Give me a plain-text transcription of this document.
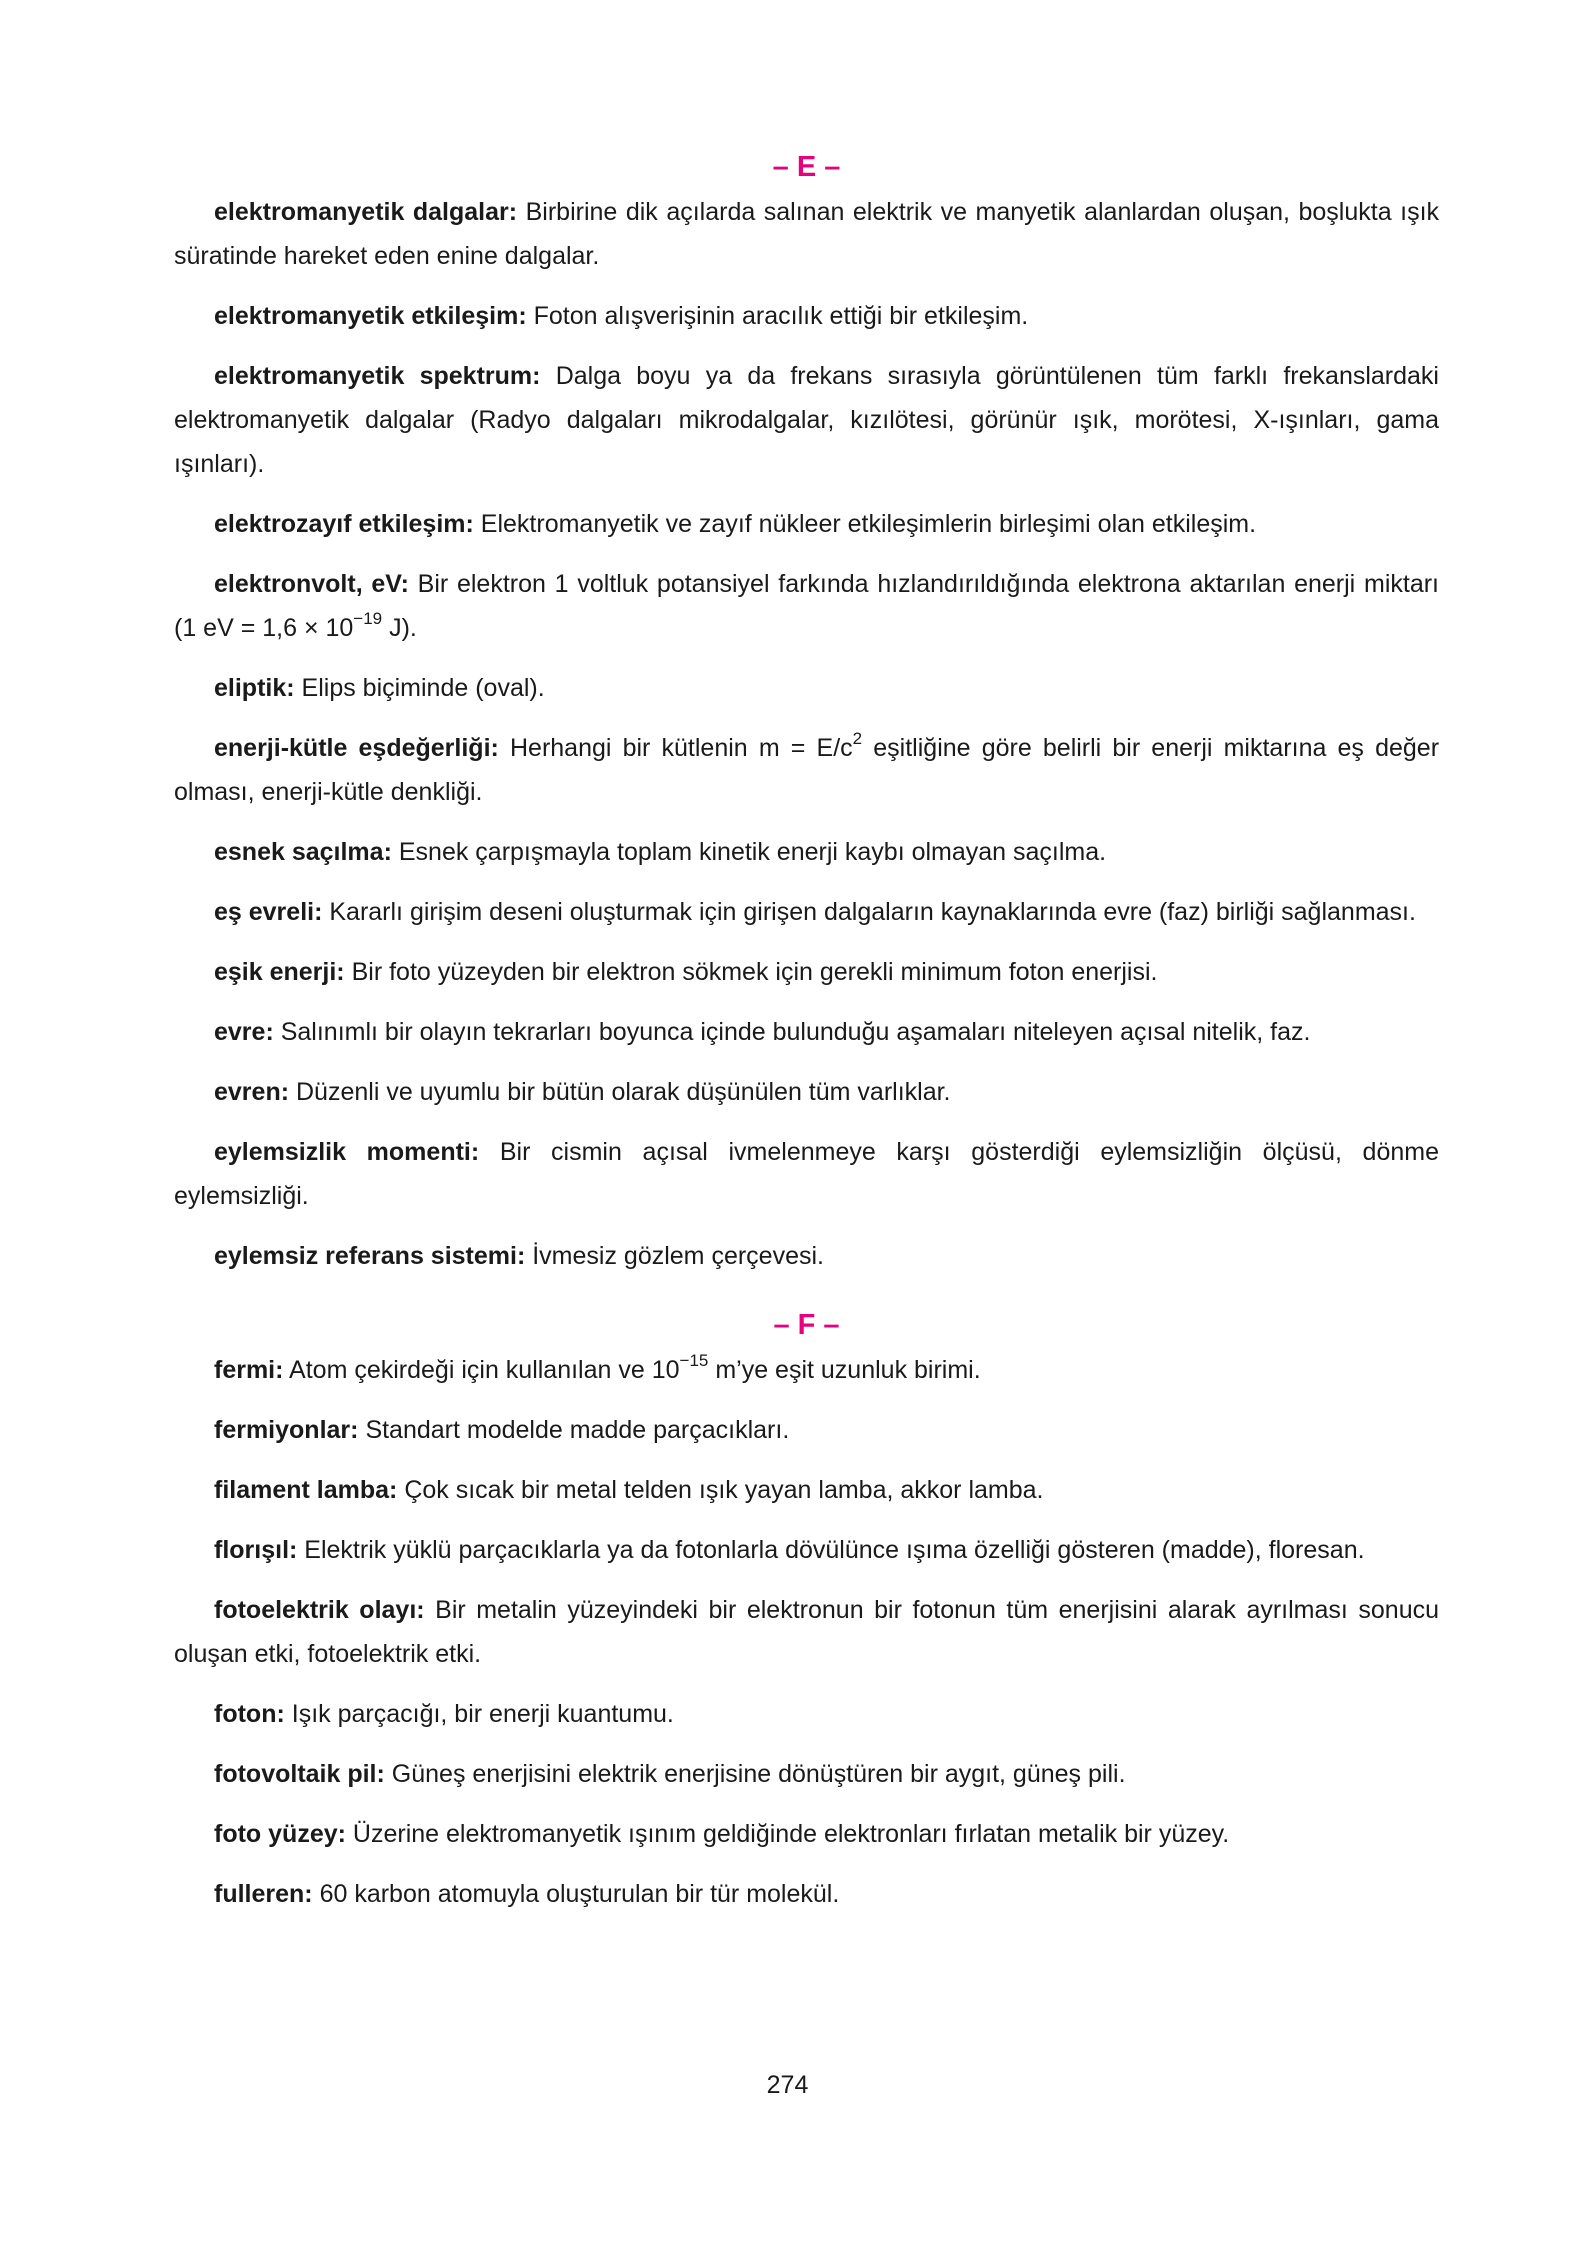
– E –

elektromanyetik dalgalar: Birbirine dik açılarda salınan elektrik ve manyetik alanlardan oluşan, boşlukta ışık süratinde hareket eden enine dalgalar.

elektromanyetik etkileşim: Foton alışverişinin aracılık ettiği bir etkileşim.

elektromanyetik spektrum: Dalga boyu ya da frekans sırasıyla görüntülenen tüm farklı frekanslardaki elektromanyetik dalgalar (Radyo dalgaları mikrodalgalar, kızılötesi, görünür ışık, morötesi, X-ışınları, gama ışınları).

elektrozayıf etkileşim: Elektromanyetik ve zayıf nükleer etkileşimlerin birleşimi olan etkileşim.

elektronvolt, eV: Bir elektron 1 voltluk potansiyel farkında hızlandırıldığında elektrona aktarılan enerji miktarı (1 eV = $1,6 \times 10^{-19}$ J).

eliptik: Elips biçiminde (oval).

enerji-kütle eşdeğerliği: Herhangi bir kütlenin $m = E/c^2$ eşitliğine göre belirli bir enerji miktarına eş değer olması, enerji-kütle denkliği.

esnek saçılma: Esnek çarpışmayla toplam kinetik enerji kaybı olmayan saçılma.

eş evreli: Kararlı girişim deseni oluşturmak için girişen dalgaların kaynaklarında evre (faz) birliği sağlanması.

eşik enerji: Bir foto yüzeyden bir elektron sökmek için gerekli minimum foton enerjisi.

evre: Salınımlı bir olayın tekrarları boyunca içinde bulunduğu aşamaları niteleyen açısal nitelik, faz.

evren: Düzenli ve uyumlu bir bütün olarak düşünülen tüm varlıklar.

eylemsizlik momenti: Bir cismin açısal ivmelenmeye karşı gösterdiği eylemsizliğin ölçüsü, dönme eylemsizliği.

eylemsiz referans sistemi: İvmesiz gözlem çerçevesi.

– F –

fermi: Atom çekirdeği için kullanılan ve $10^{-15}$ m’ye eşit uzunluk birimi.

fermiyonlar: Standart modelde madde parçacıkları.

filament lamba: Çok sıcak bir metal telden ışık yayan lamba, akkor lamba.

florışıl: Elektrik yüklü parçacıklarla ya da fotonlarla dövülünce ışıma özelliği gösteren (madde), floresan.

fotoelektrik olayı: Bir metalin yüzeyindeki bir elektronun bir fotonun tüm enerjisini alarak ayrılması sonucu oluşan etki, fotoelektrik etki.

foton: Işık parçacığı, bir enerji kuantumu.

fotovoltaik pil: Güneş enerjisini elektrik enerjisine dönüştüren bir aygıt, güneş pili.

foto yüzey: Üzerine elektromanyetik ışınım geldiğinde elektronları fırlatan metalik bir yüzey.

fulleren: 60 karbon atomuyla oluşturulan bir tür molekül.

274
